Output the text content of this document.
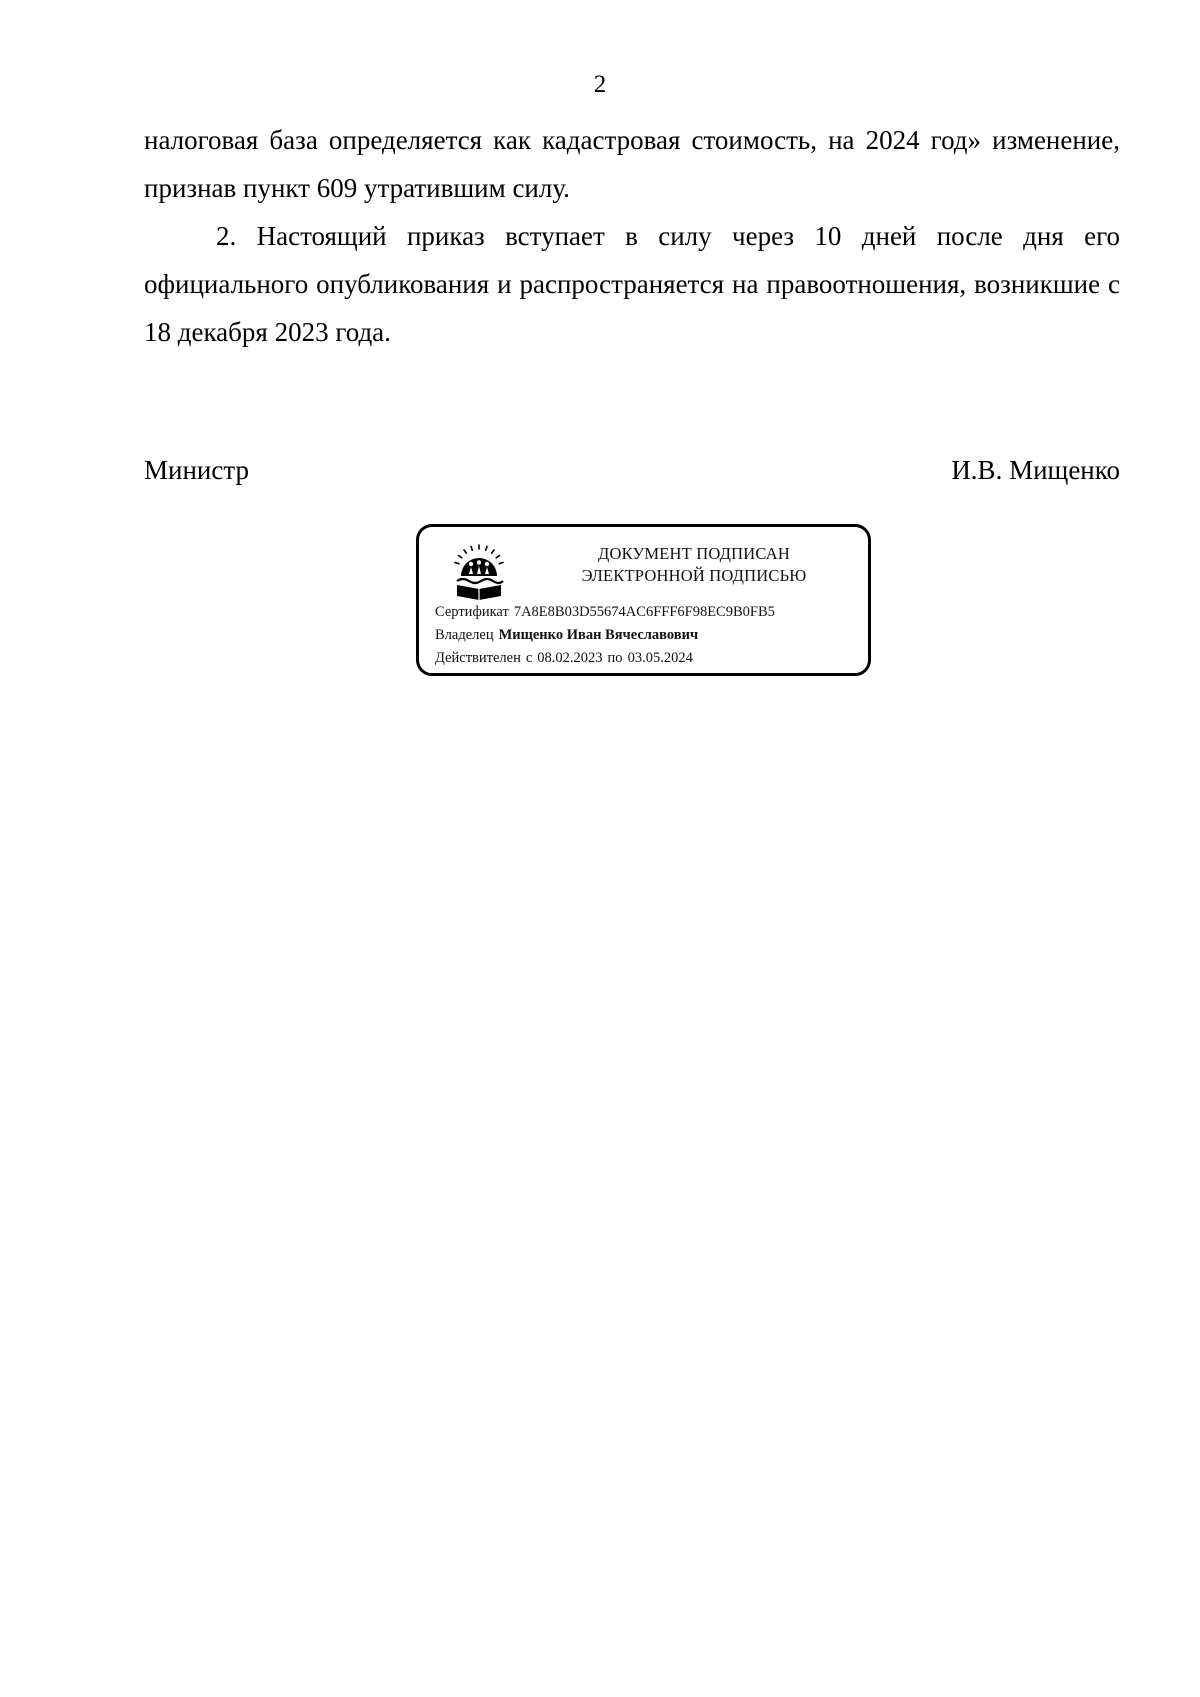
2

налоговая база определяется как кадастровая стоимость, на 2024 год» изменение, признав пункт 609 утратившим силу.

2. Настоящий приказ вступает в силу через 10 дней после дня его официального опубликования и распространяется на правоотношения, возникшие с 18 декабря 2023 года.

Министр	И.В. Мищенко
ДОКУМЕНТ ПОДПИСАН
ЭЛЕКТРОННОЙ ПОДПИСЬЮ
Сертификат 7A8E8B03D55674AC6FFF6F98EC9B0FB5
Владелец Мищенко Иван Вячеславович
Действителен с 08.02.2023 по 03.05.2024
